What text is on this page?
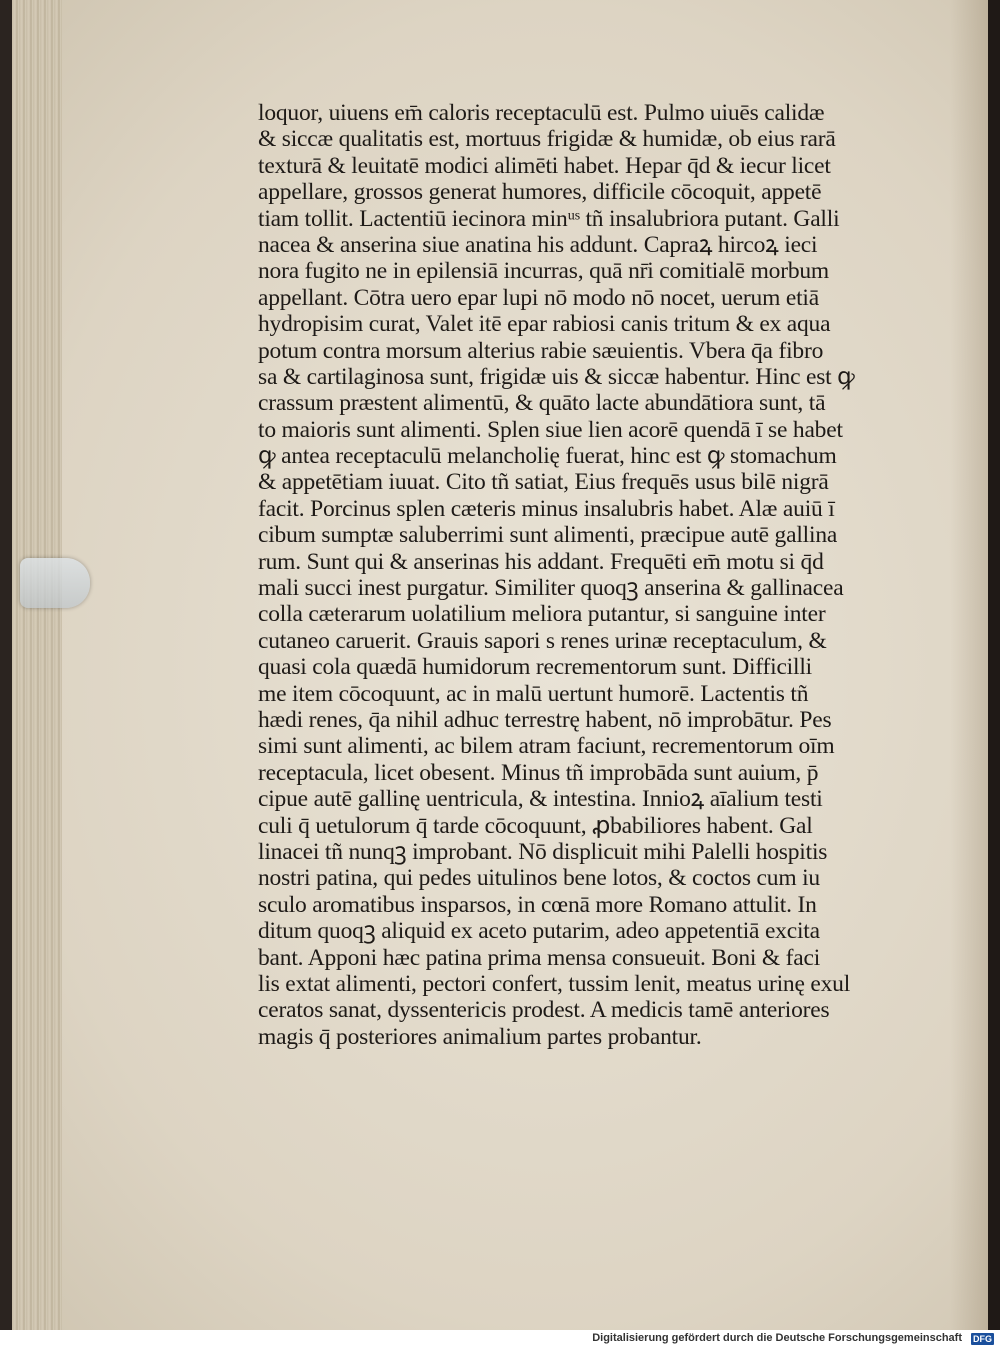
loquor, uiuens em̄ caloris receptaculū est. Pulmo uiuēs calidæ
& siccæ qualitatis est, mortuus frigidæ & humidæ, ob eius rarā
texturā & leuitatē modici alimēti habet. Hepar q̄d & iecur licet
appellare, grossos generat humores, difficile cōcoquit, appetē
tiam tollit. Lactentiū iecinora minᵘˢ tñ insalubriora putant. Galli
nacea & anserina siue anatina his addunt. Capraꝝ hircoꝝ ieci
nora fugito ne in epilensiā incurras, quā nr̄i comitialē morbum
appellant. Cōtra uero epar lupi nō modo nō nocet, uerum etiā
hydropisim curat, Valet itē epar rabiosi canis tritum & ex aqua
potum contra morsum alterius rabie sæuientis. Vbera q̄a fibro
sa & cartilaginosa sunt, frigidæ uis & siccæ habentur. Hinc est ꝙ
crassum præstent alimentū, & quāto lacte abundātiora sunt, tā
to maioris sunt alimenti. Splen siue lien acorē quendā ī se habet
ꝙ antea receptaculū melancholię fuerat, hinc est ꝙ stomachum
& appetētiam iuuat. Cito tñ satiat, Eius frequēs usus bilē nigrā
facit. Porcinus splen cæteris minus insalubris habet. Alæ auiū ī
cibum sumptæ saluberrimi sunt alimenti, præcipue autē gallina
rum. Sunt qui & anserinas his addant. Frequēti em̄ motu si q̄d
mali succi inest purgatur. Similiter quoqꝫ anserina & gallinacea
colla cæterarum uolatilium meliora putantur, si sanguine inter
cutaneo caruerit. Grauis sapori s renes urinæ receptaculum, &
quasi cola quædā humidorum recrementorum sunt. Difficilli
me item cōcoquunt, ac in malū uertunt humorē. Lactentis tñ
hædi renes, q̄a nihil adhuc terrestrę habent, nō improbātur. Pes
simi sunt alimenti, ac bilem atram faciunt, recrementorum oīm
receptacula, licet obesent. Minus tñ improbāda sunt auium, p̄
cipue autē gallinę uentricula, & intestina. Innioꝝ aīalium testi
culi q̄ uetulorum q̄ tarde cōcoquunt, ꝓbabiliores habent. Gal
linacei tñ nunqꝫ improbant. Nō displicuit mihi Palelli hospitis
nostri patina, qui pedes uitulinos bene lotos, & coctos cum iu
sculo aromatibus insparsos, in cœnā more Romano attulit. In
ditum quoqꝫ aliquid ex aceto putarim, adeo appetentiā excita
bant. Apponi hæc patina prima mensa consueuit. Boni & faci
lis extat alimenti, pectori confert, tussim lenit, meatus urinę exul
ceratos sanat, dyssentericis prodest. A medicis tamē anteriores
magis q̄ posteriores animalium partes probantur.
Digitalisierung gefördert durch die Deutsche Forschungsgemeinschaft DFG
